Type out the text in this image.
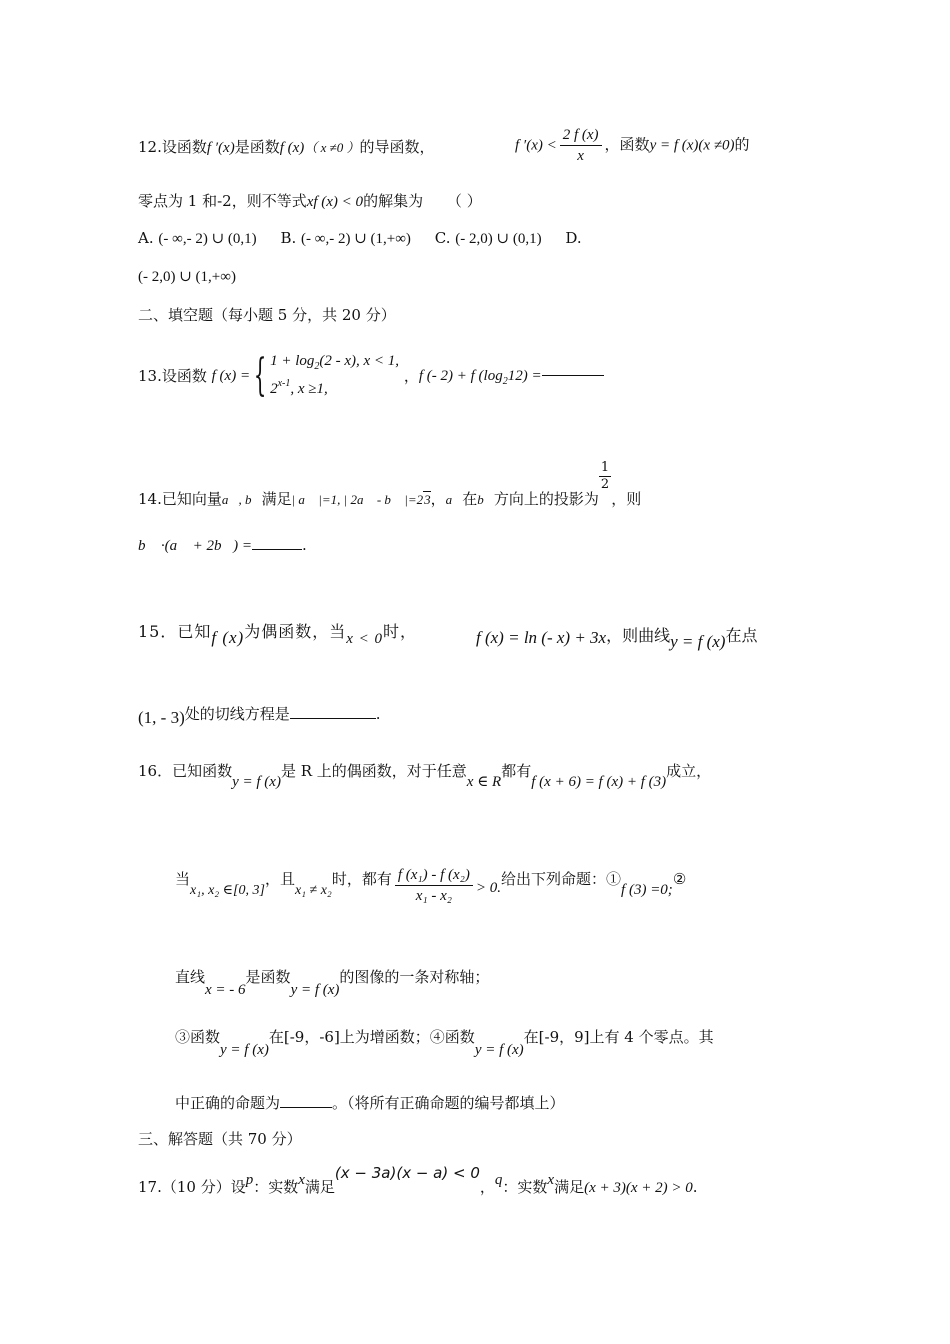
12.设函数f ′(x)是函数f (x)（ x ≠0 ）的导函数，	f $'(x) < \frac{2 f (x)}{x}$ ，函数y = f (x)(x ≠0)的
零点为 1 和-2，则不等式xf (x) < 0的解集为 （ ）
A. (- ∞,- 2) ∪ (0,1) B. (- ∞,- 2) ∪ (1,+∞) C. (- 2,0) ∪ (0,1) D.
(- 2,0) ∪ (1,+∞)
二、填空题（每小题 5 分，共 20 分）
13.设函数 f (x) ={ $1 + \log_2(2 - x)$, x < 1,
2$^{x-1}$, x ≥1,
，f (- 2) + f $(\log_212)$ =
14.已知向量a⃗, b⃗满足| a⃗ |=1, | 2a⃗ - b⃗ |=23，a⃗在b⃗方向上的投影为
$\frac{1}{2}$，则
b⃗ ·(a⃗ + 2b⃗) =	.
15．已知f (x)为偶函数，当x < 0时，	f (x) = ln (- x) + 3x，则曲线y = f (x)在点
(1, - 3)处的切线方程是	.
16．已知函数y = f (x)是 R 上的偶函数，对于任意x ∈ R都有f (x + 6) = f (x) + f (3)成立，
当x₁, x₂ ∈[0, 3]，且x₁ ≠ x₂时，都有 $\frac{\text{f (x₁) - f (x₂)}}{\text{x₁ - x₂}} > 0$.给出下列命题：①f (3) =0;②
直线x = - 6是函数y = f (x)的图像的一条对称轴；
③函数y = f (x)在[-9，-6]上为增函数；④函数y = f (x)在[-9，9]上有 4 个零点。其
中正确的命题为	。（将所有正确命题的编号都填上）
三、解答题（共 70 分）
17.（10 分）设p：实数x满足(x − 3a)(x − a) < 0，q：实数x满足(x + 3)(x + 2) > 0.
